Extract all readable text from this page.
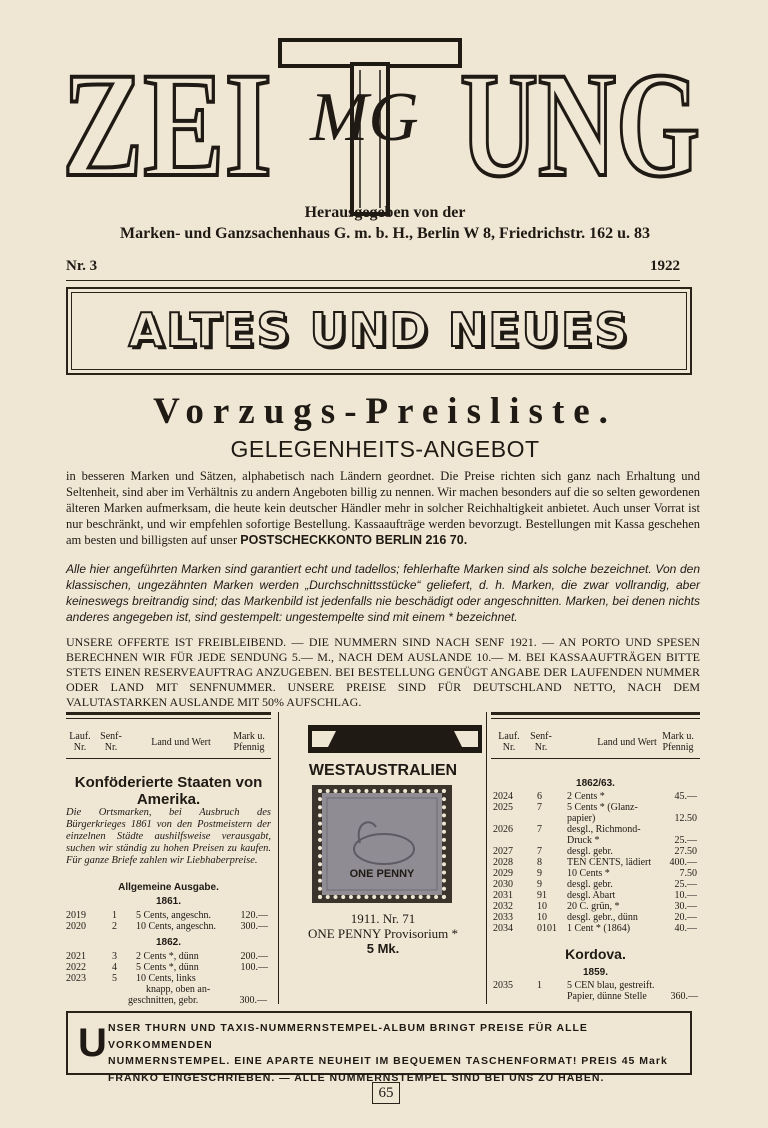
ZEI UNG
MG
Herausgegeben von der
Marken- und Ganzsachenhaus G. m. b. H., Berlin W 8, Friedrichstr. 162 u. 83
Nr. 3	1922
ALTES UND NEUES
Vorzugs-Preisliste.
GELEGENHEITS-ANGEBOT
in besseren Marken und Sätzen, alphabetisch nach Ländern geordnet. Die Preise richten sich ganz nach Erhaltung und Seltenheit, sind aber im Verhältnis zu andern Angeboten billig zu nennen. Wir machen besonders auf die so selten gewordenen älteren Marken aufmerksam, die heute kein deutscher Händler mehr in solcher Reichhaltigkeit anbietet. Auch unser Vorrat ist nur beschränkt, und wir empfehlen sofortige Bestellung. Kassaaufträge werden bevorzugt. Bestellungen mit Kassa geschehen am besten und billigsten auf unser POSTSCHECKKONTO BERLIN 216 70.
Alle hier angeführten Marken sind garantiert echt und tadellos; fehlerhafte Marken sind als solche bezeichnet. Von den klassischen, ungezähnten Marken werden „Durchschnittsstücke“ geliefert, d. h. Marken, die zwar vollrandig, aber keineswegs breitrandig sind; das Markenbild ist jedenfalls nie beschädigt oder angeschnitten. Marken, bei denen nichts anderes angegeben ist, sind gestempelt: ungestempelte sind mit einem * bezeichnet.
UNSERE OFFERTE IST FREIBLEIBEND. — DIE NUMMERN SIND NACH SENF 1921. — AN PORTO UND SPESEN BERECHNEN WIR FÜR JEDE SENDUNG 5.— M., NACH DEM AUSLANDE 10.— M. BEI KASSAAUFTRÄGEN BITTE STETS EINEN RESERVEAUFTRAG ANZUGEBEN. BEI BESTELLUNG GENÜGT ANGABE DER LAUFENDEN NUMMER ODER LAND MIT SENFNUMMER. UNSERE PREISE SIND FÜR DEUTSCHLAND NETTO, NACH DEM VALUTASTARKEN AUSLANDE MIT 50% AUFSCHLAG.
Lauf. Nr.
Senf- Nr.	Land und Wert
Mark u. Pfennig
Konföderierte Staaten von Amerika.
Die Ortsmarken, bei Ausbruch des Bürgerkrieges 1861 von den Postmeistern der einzelnen Städte aushilfsweise verausgabt, suchen wir ständig zu hohen Preisen zu kaufen. Für ganze Briefe zahlen wir Liebhaberpreise.
Allgemeine Ausgabe.
1861.
2019	1 5 Cents, angeschn.	120.—
2020	2 10 Cents, angeschn. 300.—
1862.
2021	3 2 Cents *, dünn	200.—
2022	4 5 Cents *, dünn	100.—
2023	5 10 Cents, links
knapp, oben an-
geschnitten, gebr.	300.—
WESTAUSTRALIEN
ONE PENNY
1911. Nr. 71
ONE PENNY Provisorium *
5 Mk.
Lauf. Nr.
Senf- Nr.	Land und Wert
Mark u. Pfennig
1862/63.
2024 6	2 Cents *	45.—
2025 7	5 Cents * (Glanz-
papier)	12.50
2026 7	desgl., Richmond-
Druck *	25.—
2027 7	desgl. gebr.	27.50
2028 8	TEN CENTS, lädiert 400.—
2029 9	10 Cents *	7.50
2030 9	desgl. gebr.	25.—
2031 91 desgl. Abart	10.—
2032 10 20 C. grün, *	30.—
2033 10 desgl. gebr., dünn	20.—
2034 0101 1 Cent * (1864)	40.—
Kordova.
1859.
2035 1	5 CEN blau, gestreift.
Papier, dünne Stelle 360.—
U NSER THURN UND TAXIS-NUMMERNSTEMPEL-ALBUM BRINGT PREISE FÜR ALLE VORKOMMENDEN
NUMMERNSTEMPEL. EINE APARTE NEUHEIT IM BEQUEMEN TASCHENFORMAT! PREIS 45 Mark
FRANKO EINGESCHRIEBEN. — ALLE NUMMERNSTEMPEL SIND BEI UNS ZU HABEN.
65
